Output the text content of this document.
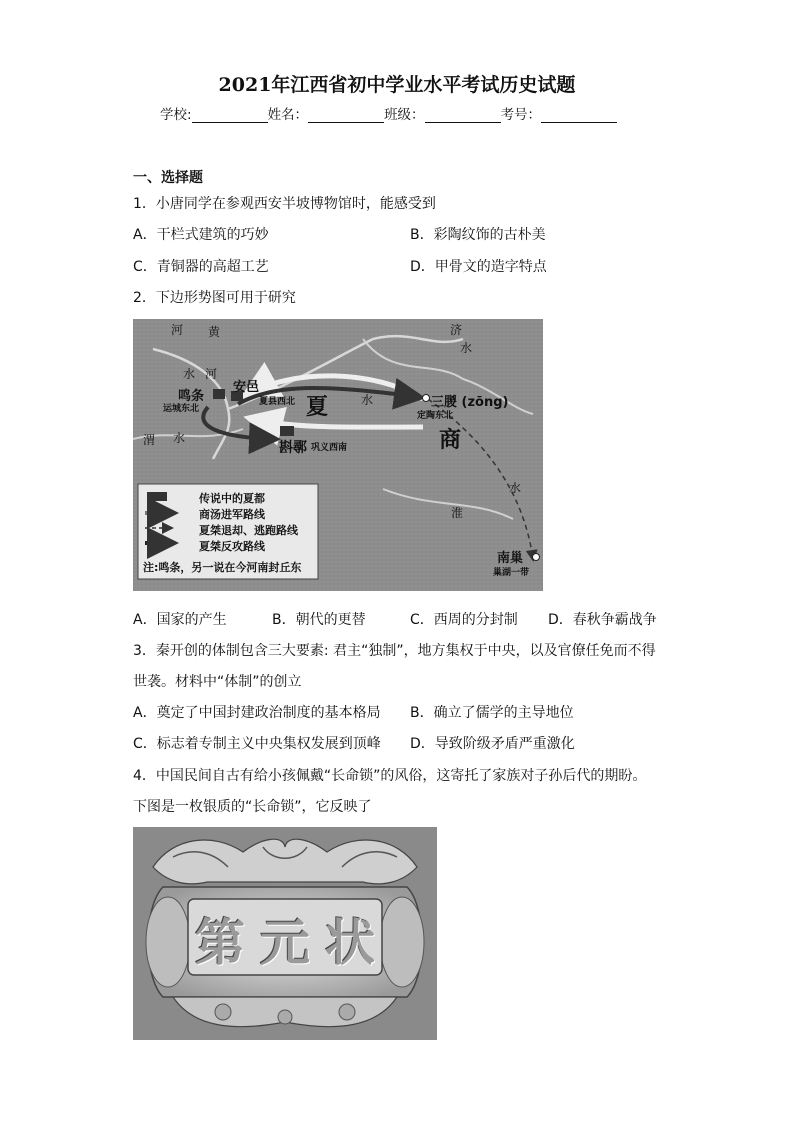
2021年江西省初中学业水平考试历史试题
学校:	姓名：	班级：	考号：
一、选择题
1．小唐同学在参观西安半坡博物馆时，能感受到
A．干栏式建筑的巧妙	B．彩陶纹饰的古朴美
C．青铜器的高超工艺	D．甲骨文的造字特点
2．下边形势图可用于研究
河 黄	济
水
河
水
水
渭 水
淮
水
鸣条
运城东北
安邑
夏县西北 夏	三朡 (zōng)
定陶东北
斟鄩 巩义西南	商
南巢
巢湖一带
传说中的夏都
商汤进军路线
夏桀退却、逃跑路线
夏桀反攻路线
注:鸣条，另一说在今河南封丘东
A．国家的产生	B．朝代的更替	C．西周的分封制 D．春秋争霸战争
3．秦开创的体制包含三大要素: 君主“独制”，地方集权于中央，以及官僚任免而不得
世袭。材料中“体制”的创立
A．奠定了中国封建政治制度的基本格局 B．确立了儒学的主导地位
C．标志着专制主义中央集权发展到顶峰 D．导致阶级矛盾严重激化
4．中国民间自古有给小孩佩戴“长命锁”的风俗，这寄托了家族对子孙后代的期盼。
下图是一枚银质的“长命锁”，它反映了
第 元 状
